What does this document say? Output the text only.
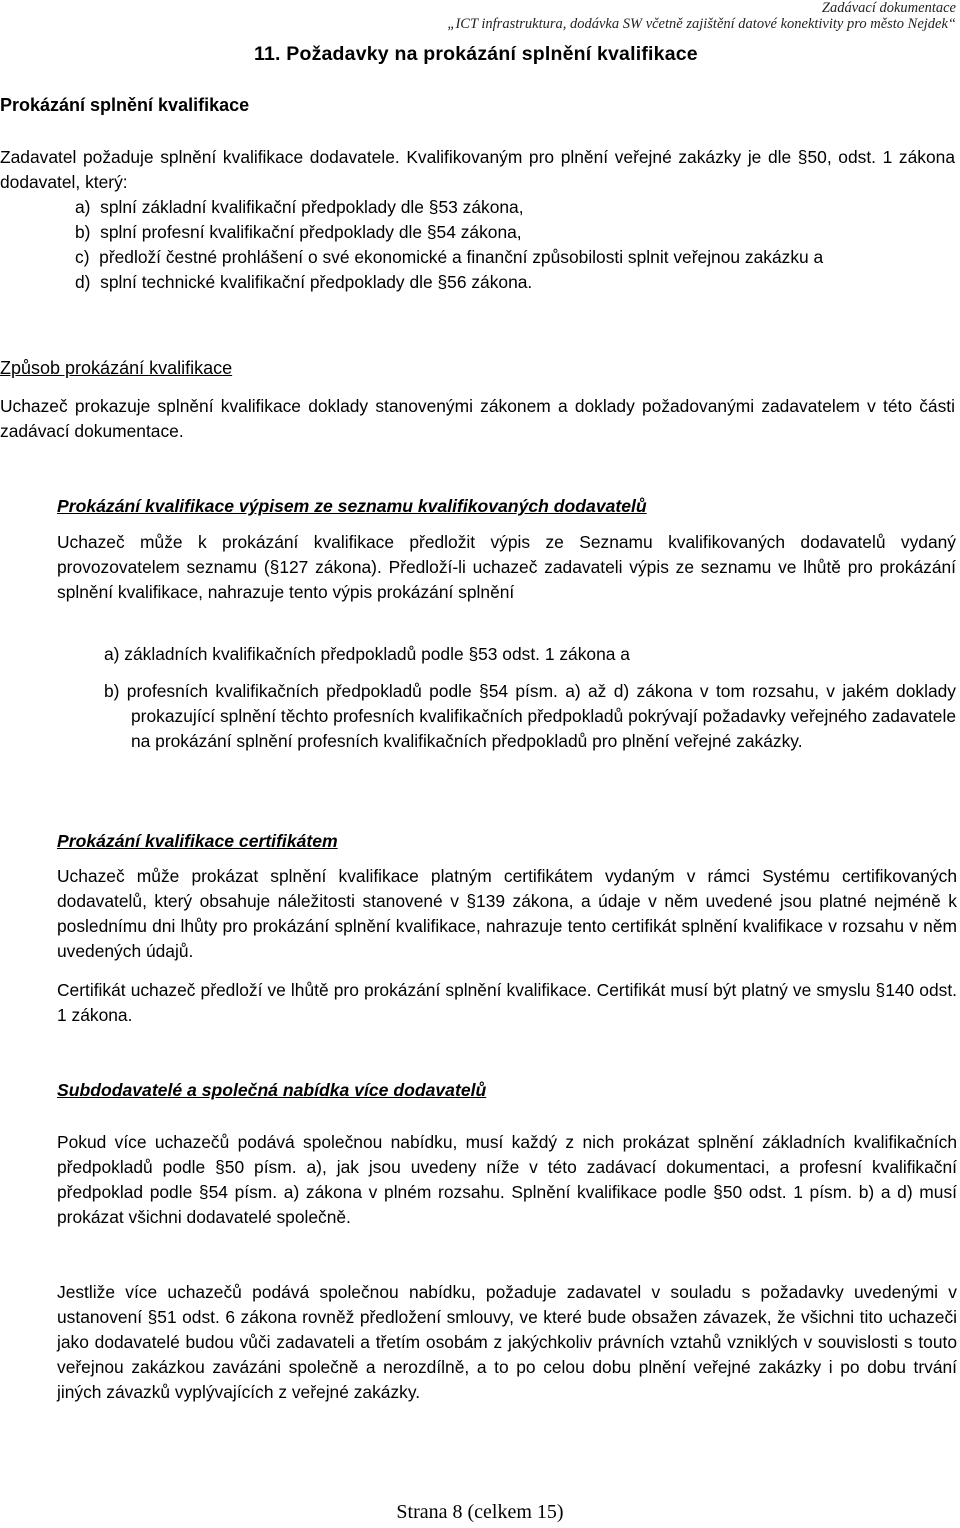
Zadávací dokumentace
„ICT infrastruktura, dodávka SW včetně zajištění datové konektivity pro město Nejdek“
11. Požadavky na prokázání splnění kvalifikace
Prokázání splnění kvalifikace
Zadavatel požaduje splnění kvalifikace dodavatele. Kvalifikovaným pro plnění veřejné zakázky je dle §50, odst. 1 zákona dodavatel, který:
a)  splní základní kvalifikační předpoklady dle §53 zákona,
b)  splní profesní kvalifikační předpoklady dle §54 zákona,
c)  předloží čestné prohlášení o své ekonomické a finanční způsobilosti splnit veřejnou zakázku a
d)  splní technické kvalifikační předpoklady dle §56 zákona.
Způsob prokázání kvalifikace
Uchazeč prokazuje splnění kvalifikace doklady stanovenými zákonem a doklady požadovanými zadavatelem v této části zadávací dokumentace.
Prokázání kvalifikace výpisem ze seznamu kvalifikovaných dodavatelů
Uchazeč může k prokázání kvalifikace předložit výpis ze Seznamu kvalifikovaných dodavatelů vydaný provozovatelem seznamu (§127 zákona). Předloží-li uchazeč zadavateli výpis ze seznamu ve lhůtě pro prokázání splnění kvalifikace, nahrazuje tento výpis prokázání splnění
a) základních kvalifikačních předpokladů podle §53 odst. 1 zákona a
b) profesních kvalifikačních předpokladů podle §54 písm. a) až d) zákona v tom rozsahu, v jakém doklady prokazující splnění těchto profesních kvalifikačních předpokladů pokrývají požadavky veřejného zadavatele na prokázání splnění profesních kvalifikačních předpokladů pro plnění veřejné zakázky.
Prokázání kvalifikace certifikátem
Uchazeč může prokázat splnění kvalifikace platným certifikátem vydaným v rámci Systému certifikovaných dodavatelů, který obsahuje náležitosti stanovené v §139 zákona, a údaje v něm uvedené jsou platné nejméně k poslednímu dni lhůty pro prokázání splnění kvalifikace, nahrazuje tento certifikát splnění kvalifikace v rozsahu v něm uvedených údajů.
Certifikát uchazeč předloží ve lhůtě pro prokázání splnění kvalifikace. Certifikát musí být platný ve smyslu §140 odst. 1 zákona.
Subdodavatelé a společná nabídka více dodavatelů
Pokud více uchazečů podává společnou nabídku, musí každý z nich prokázat splnění základních kvalifikačních předpokladů podle §50 písm. a), jak jsou uvedeny níže v této zadávací dokumentaci, a profesní kvalifikační předpoklad podle §54 písm. a) zákona v plném rozsahu. Splnění kvalifikace podle §50 odst. 1 písm. b) a d) musí prokázat všichni dodavatelé společně.
Jestliže více uchazečů podává společnou nabídku, požaduje zadavatel v souladu s požadavky uvedenými v ustanovení §51 odst. 6 zákona rovněž předložení smlouvy, ve které bude obsažen závazek, že všichni tito uchazeči jako dodavatelé budou vůči zadavateli a třetím osobám z jakýchkoliv právních vztahů vzniklých v souvislosti s touto veřejnou zakázkou zavázáni společně a nerozdílně, a to po celou dobu plnění veřejné zakázky i po dobu trvání jiných závazků vyplývajících z veřejné zakázky.
Strana 8 (celkem 15)
